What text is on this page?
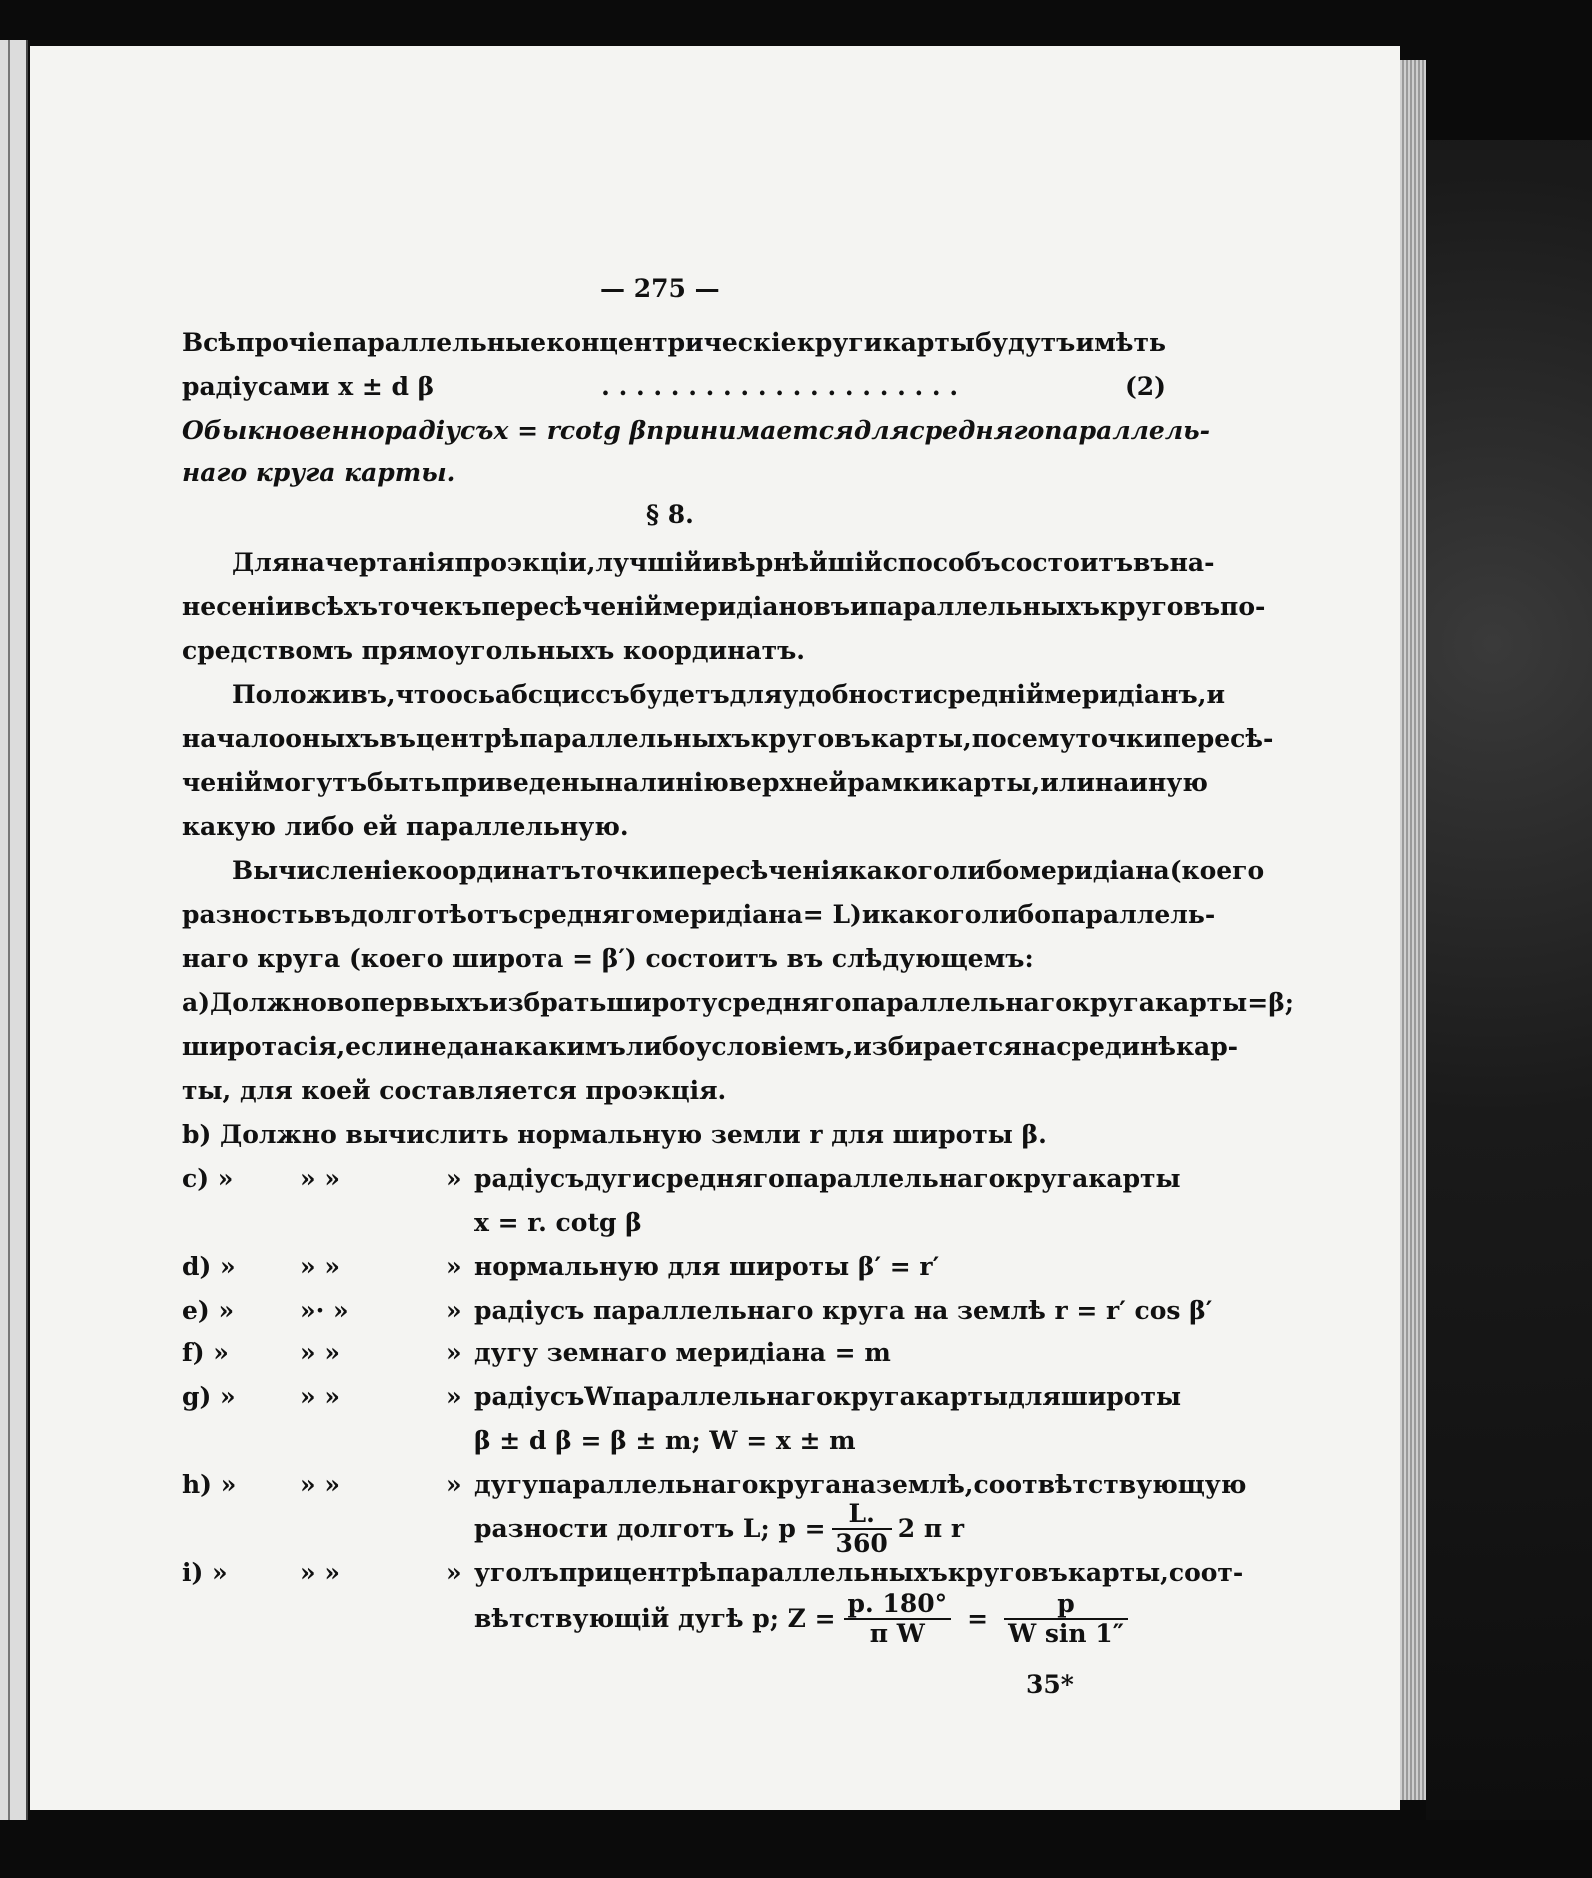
— 275 —
Всѣ прочіе параллельные концентрическіе круги карты будутъ имѣть
радіусами x ± d β	. . . . . . . . . . . . . . . . . . . . .	(2)
Обыкновенно радіусъ x = r cotg β принимается для средняго параллель-
наго круга карты.
§ 8.
Для начертанія проэкціи, лучшій и вѣрнѣйшій способъ состоитъ въ на-
несеніи всѣхъ точекъ пересѣченій меридіановъ и параллельныхъ круговъ по-
средствомъ прямоугольныхъ координатъ.
Положивъ, что ось абсциссъ будетъ для удобности средній меридіанъ, и
начало оныхъ въ центрѣ параллельныхъ круговъ карты, посему точки пересѣ-
ченій могутъ быть приведены на линію верхней рамки карты, или на иную
какую либо ей параллельную.
Вычисленіе координатъ точки пересѣченія какого либо меридіана (коего
разность въ долготѣ отъ средняго меридіана = L) и какого либо параллель-
наго круга (коего широта = β′) состоитъ въ слѣдующемъ:
a) Должно во первыхъ избрать широту средняго параллельнаго круга карты =β;
широта сія, если не дана какимъ либо условіемъ, избирается на срединѣ кар-
ты, для коей составляется проэкція.
b) Должно вычислить нормальную земли r для широты β.
c) »	» »	» радіусъ дуги средняго параллельнаго круга карты
x = r. cotg β
d) »	» »	» нормальную для широты β′ = r′
e) »	»· »	» радіусъ параллельнаго круга на землѣ r = r′ cos β′
f) »	» »	» дугу земнаго меридіана = m
g) »	» »	» радіусъ W параллельнаго круга карты для широты
β ± d β = β ± m; W = x ± m
h) »	» »	» дугу параллельнаго круга на землѣ, соотвѣтствующую
разности долготъ L; $p = \frac{L.}{360} 2$ π r
i) »	» »	» уголъ при центрѣ параллельныхъ круговъ карты, соот-
вѣтствующій дугѣ p; $Z = \frac{p. 180^\circ}{\text{π W}} = \frac{p}{\text{W sin 1″}}$
35*
